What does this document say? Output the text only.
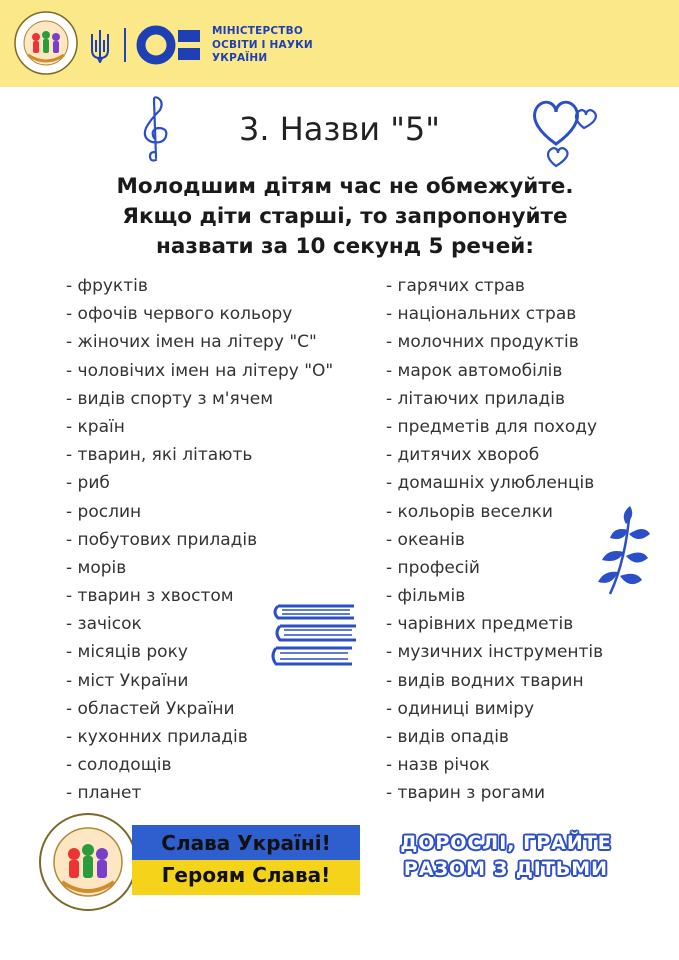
МІНІСТЕРСТВО
ОСВІТИ І НАУКИ
УКРАЇНИ
3. Назви "5"
Молодшим дітям час не обмежуйте.
Якщо діти старші, то запропонуйте
назвати за 10 секунд 5 речей:
- фруктів
- офочів червого кольору
- жіночих імен на літеру "С"
- чоловічих імен на літеру "О"
- видів спорту з м'ячем
- країн
- тварин, які літають
- риб
- рослин
- побутових приладів
- морів
- тварин з хвостом
- зачісок
- місяців року
- міст України
- областей України
- кухонних приладів
- солодощів
- планет
- гарячих страв
- національних страв
- молочних продуктів
- марок автомобілів
- літаючих приладів
- предметів для походу
- дитячих хвороб
- домашніх улюбленців
- кольорів веселки
- океанів
- професій
- фільмів
- чарівних предметів
- музичних інструментів
- видів водних тварин
- одиниці виміру
- видів опадів
- назв річок
- тварин з рогами
Слава Україні!
Героям Слава!
ДОРОСЛІ, ГРАЙТЕ
РАЗОМ З ДІТЬМИ
